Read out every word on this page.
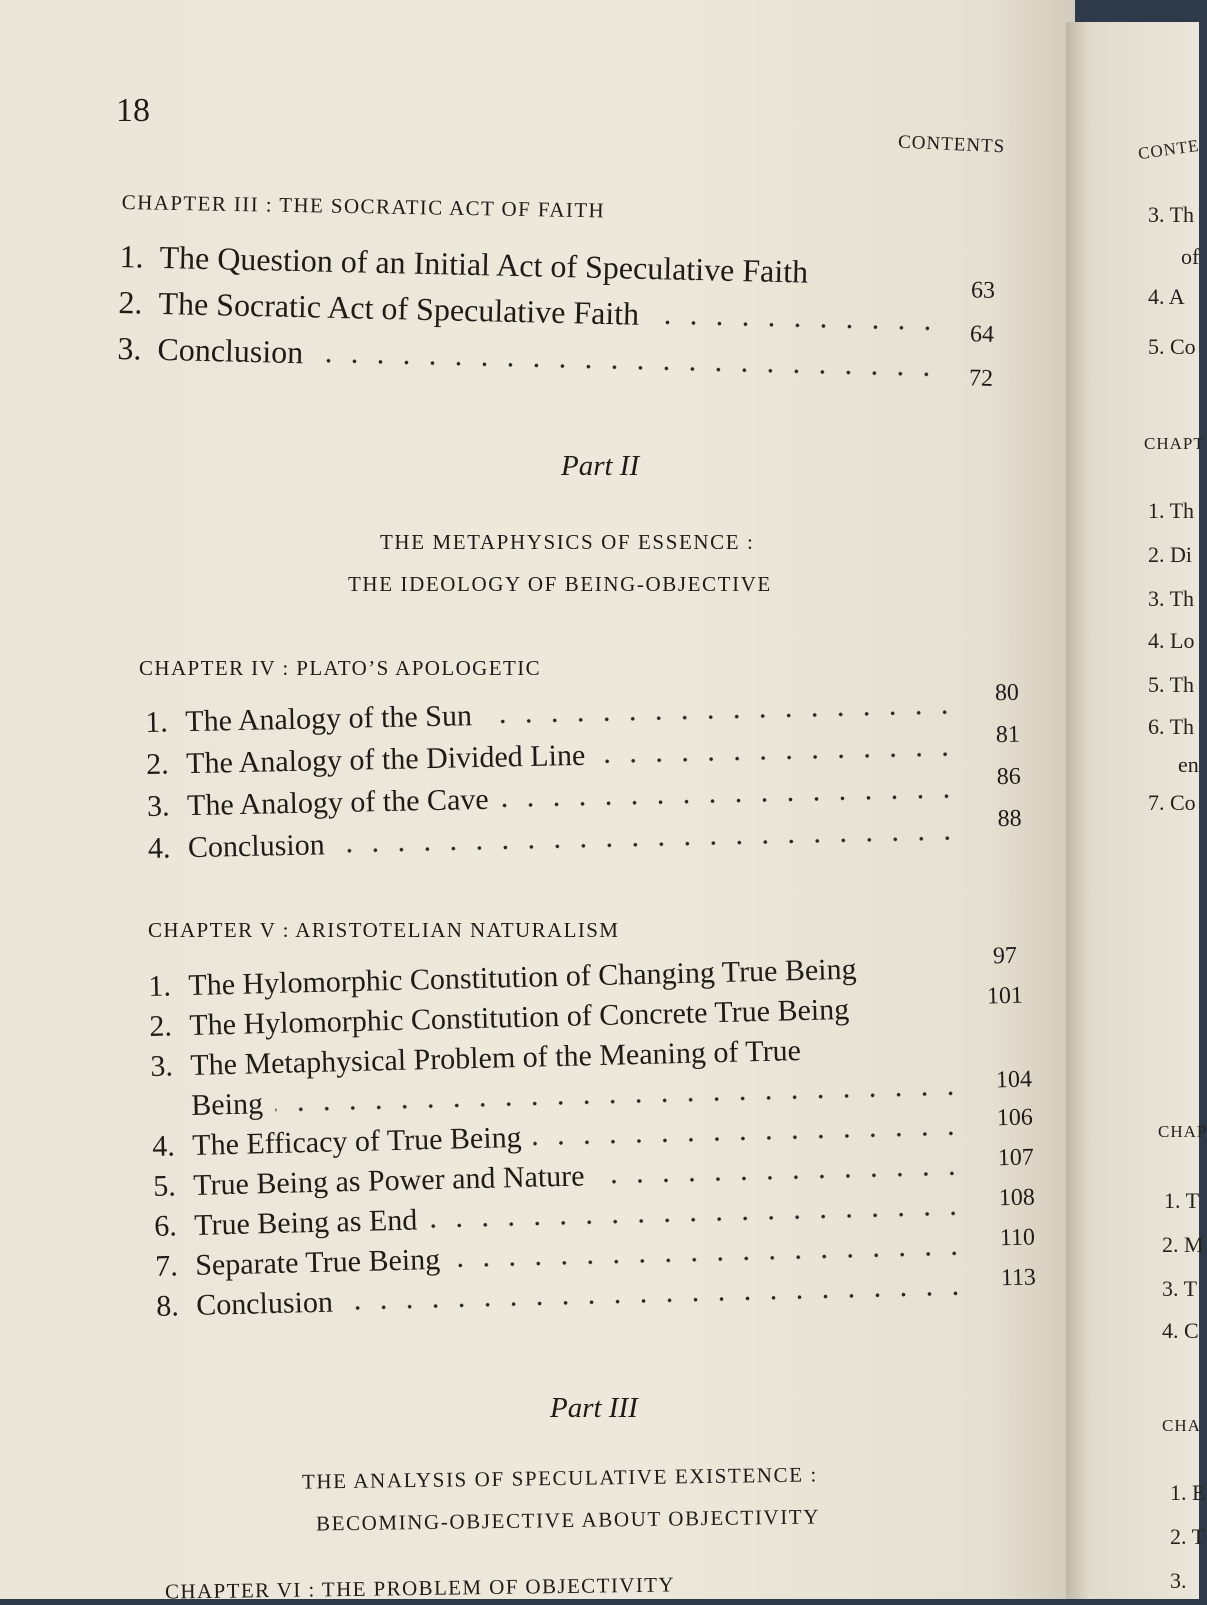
18
CONTENTS
CHAPTER III : THE SOCRATIC ACT OF FAITH
1. The Question of an Initial Act of Speculative Faith
63
2. The Socratic Act of Speculative Faith
64
3. Conclusion
72
Part II
THE METAPHYSICS OF ESSENCE :
THE IDEOLOGY OF BEING-OBJECTIVE
CHAPTER IV : PLATO’S APOLOGETIC
1. The Analogy of the Sun
80
2. The Analogy of the Divided Line
81
3. The Analogy of the Cave
86
4. Conclusion
88
CHAPTER V : ARISTOTELIAN NATURALISM
1. The Hylomorphic Constitution of Changing True Being	97
2. The Hylomorphic Constitution of Concrete True Being	101
3. The Metaphysical Problem of the Meaning of True
Being
104
4. The Efficacy of True Being
106
5. True Being as Power and Nature
107
6. True Being as End
108
7. Separate True Being
110
8. Conclusion
113
Part III
THE ANALYSIS OF SPECULATIVE EXISTENCE :
BECOMING-OBJECTIVE ABOUT OBJECTIVITY
CHAPTER VI : THE PROBLEM OF OBJECTIVITY
CONTE
3. Th
of
4. A
5. Co
CHAPT
1. Th
2. Di
3. Th
4. Lo
5. Th
6. Th
en
7. Co
CHAP
1. T
2. M
3. T
4. C
CHA
1. E
2. T
3.
